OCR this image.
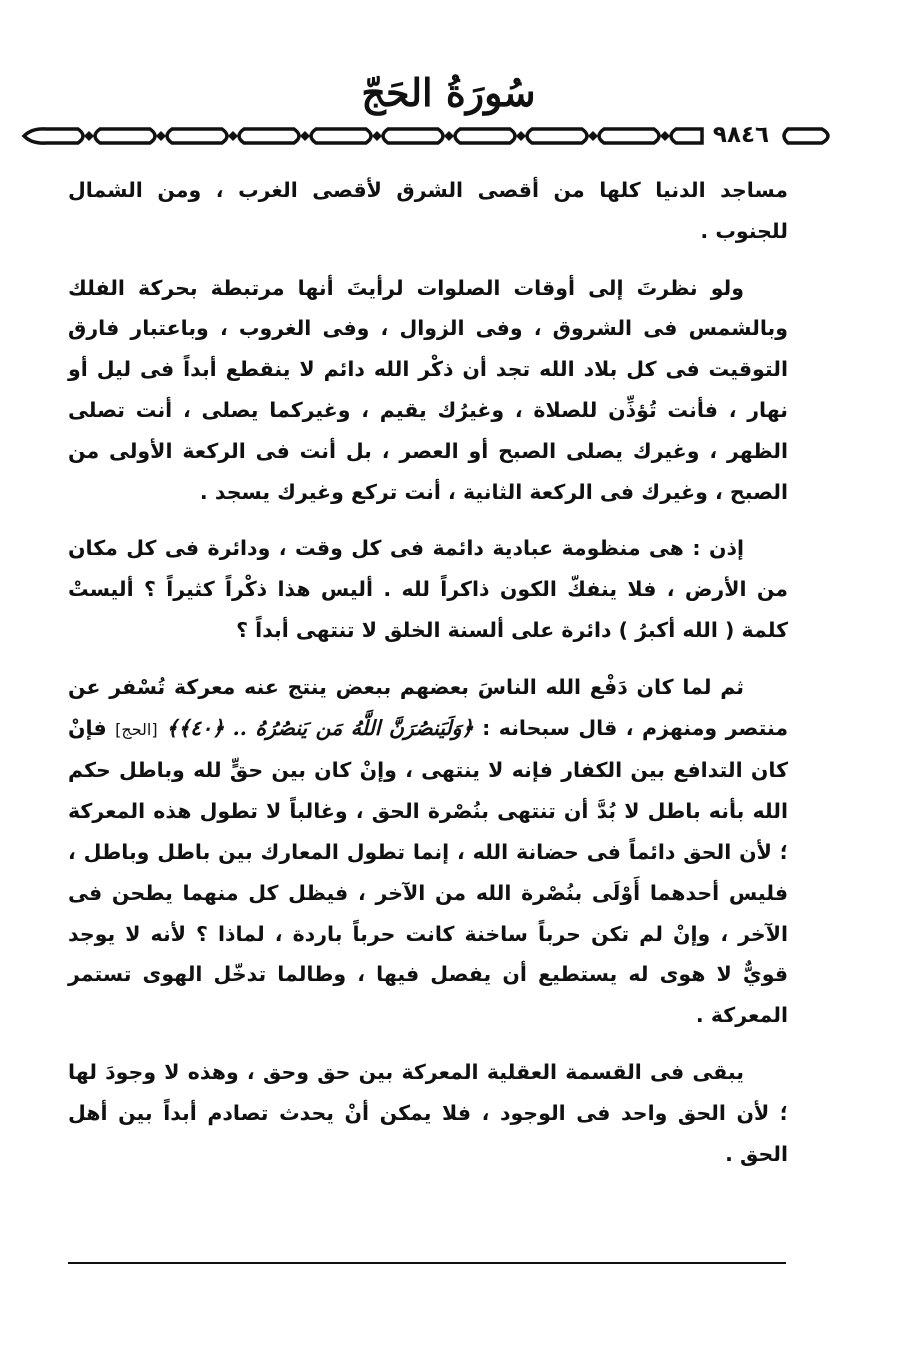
سُورَةُ الحَجّ
٩٨٤٦

مساجد الدنيا كلها من أقصى الشرق لأقصى الغرب ، ومن الشمال للجنوب .

ولو نظرتَ إلى أوقات الصلوات لرأيتَ أنها مرتبطة بحركة الفلك وبالشمس فى الشروق ، وفى الزوال ، وفى الغروب ، وباعتبار فارق التوقيت فى كل بلاد الله تجد أن ذكْر الله دائم لا ينقطع أبداً فى ليل أو نهار ، فأنت تُؤذِّن للصلاة ، وغيرُك يقيم ، وغيركما يصلى ، أنت تصلى الظهر ، وغيرك يصلى الصبح أو العصر ، بل أنت فى الركعة الأولى من الصبح ، وغيرك فى الركعة الثانية ، أنت تركع وغيرك يسجد .

إذن : هى منظومة عبادية دائمة فى كل وقت ، ودائرة فى كل مكان من الأرض ، فلا ينفكّ الكون ذاكراً لله . أليس هذا ذكْراً كثيراً ؟ أليستْ كلمة ( الله أكبرُ ) دائرة على ألسنة الخلق لا تنتهى أبداً ؟

ثم لما كان دَفْع الله الناسَ بعضهم ببعض ينتج عنه معركة تُسْفر عن منتصر ومنهزم ، قال سبحانه : ﴿وَلَيَنصُرَنَّ اللَّهُ مَن يَنصُرُهُ .. ﴿٤٠﴾﴾ [الحج] فإنْ كان التدافع بين الكفار فإنه لا ينتهى ، وإنْ كان بين حقٍّ لله وباطل حكم الله بأنه باطل لا بُدَّ أن تنتهى بنُصْرة الحق ، وغالباً لا تطول هذه المعركة ؛ لأن الحق دائماً فى حضانة الله ، إنما تطول المعارك بين باطل وباطل ، فليس أحدهما أَوْلَى بنُصْرة الله من الآخر ، فيظل كل منهما يطحن فى الآخر ، وإنْ لم تكن حرباً ساخنة كانت حرباً باردة ، لماذا ؟ لأنه لا يوجد قويٌّ لا هوى له يستطيع أن يفصل فيها ، وطالما تدخّل الهوى تستمر المعركة .

يبقى فى القسمة العقلية المعركة بين حق وحق ، وهذه لا وجودَ لها ؛ لأن الحق واحد فى الوجود ، فلا يمكن أنْ يحدث تصادم أبداً بين أهل الحق .
